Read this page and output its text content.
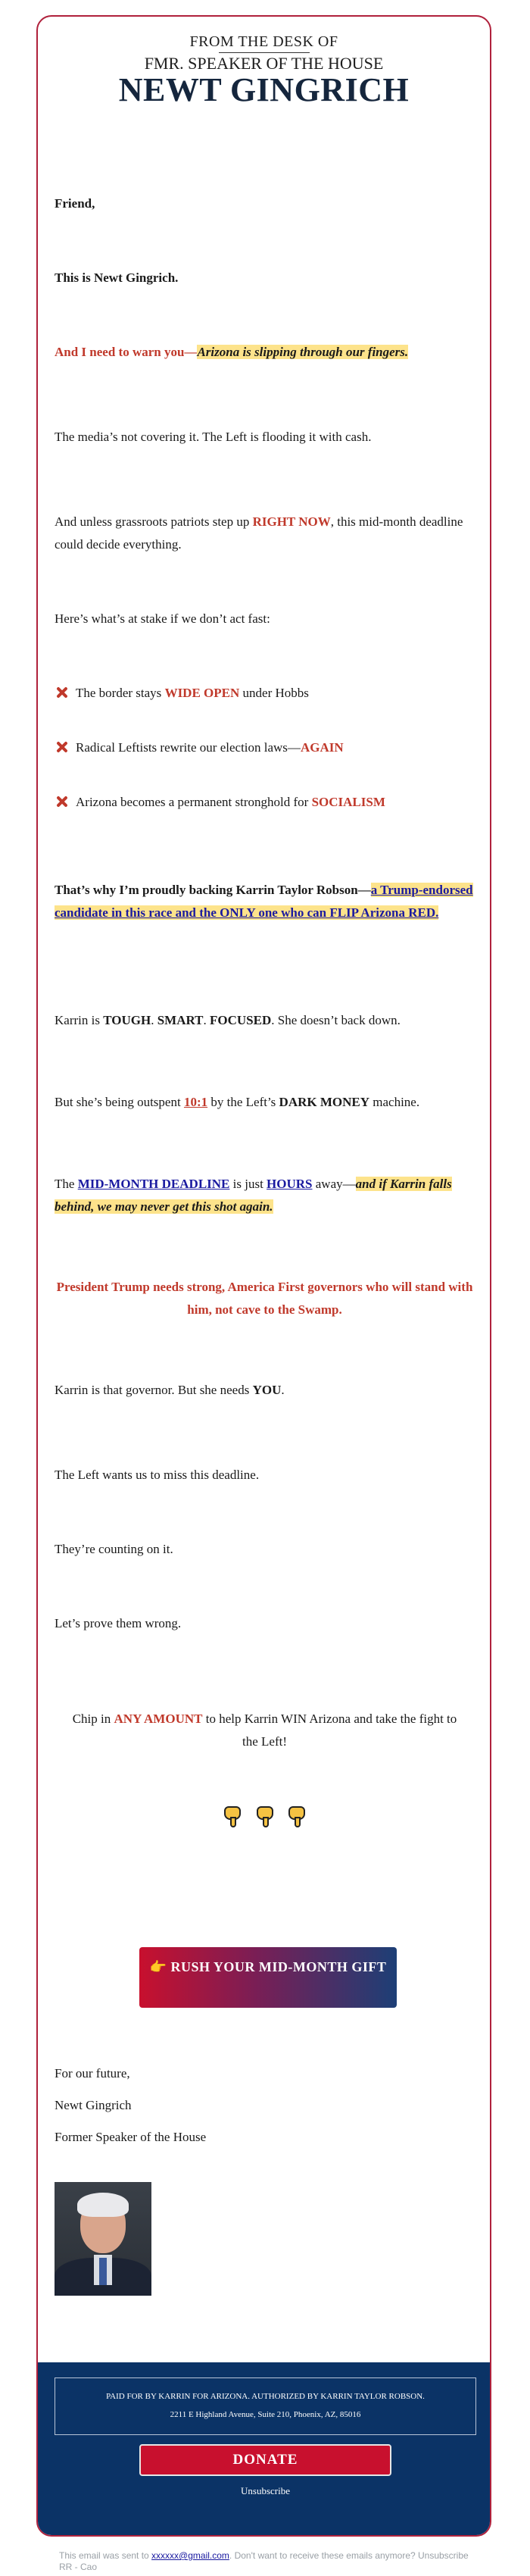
FROM THE DESK OF
FMR. SPEAKER OF THE HOUSE
NEWT GINGRICH

Friend,

This is Newt Gingrich.

And I need to warn you—Arizona is slipping through our fingers.

The media’s not covering it. The Left is flooding it with cash.

And unless grassroots patriots step up RIGHT NOW, this mid-month deadline could decide everything.

Here’s what’s at stake if we don’t act fast:

The border stays WIDE OPEN under Hobbs

Radical Leftists rewrite our election laws—AGAIN

Arizona becomes a permanent stronghold for SOCIALISM

That’s why I’m proudly backing Karrin Taylor Robson—a Trump-endorsed candidate in this race and the ONLY one who can FLIP Arizona RED.

Karrin is TOUGH. SMART. FOCUSED. She doesn’t back down.

But she’s being outspent 10:1 by the Left’s DARK MONEY machine.

The MID-MONTH DEADLINE is just HOURS away—and if Karrin falls behind, we may never get this shot again.

President Trump needs strong, America First governors who will stand with him, not cave to the Swamp.

Karrin is that governor. But she needs YOU.

The Left wants us to miss this deadline.

They’re counting on it.

Let’s prove them wrong.

Chip in ANY AMOUNT to help Karrin WIN Arizona and take the fight to the Left!

👉 RUSH YOUR MID-MONTH GIFT

For our future,

Newt Gingrich

Former Speaker of the House

PAID FOR BY KARRIN FOR ARIZONA. AUTHORIZED BY KARRIN TAYLOR ROBSON.
2211 E Highland Avenue, Suite 210, Phoenix, AZ, 85016
DONATE
Unsubscribe
This email was sent to xxxxxx@gmail.com. Don't want to receive these emails anymore? Unsubscribe
RR - Cao
